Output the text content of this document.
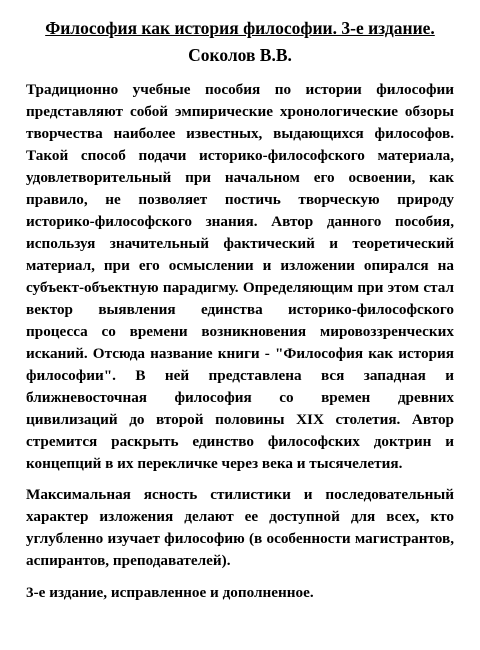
Философия как история философии. 3-е издание.
Соколов В.В.

Традиционно учебные пособия по истории философии представляют собой эмпирические хронологические обзоры творчества наиболее известных, выдающихся философов. Такой способ подачи историко-философского материала, удовлетворительный при начальном его освоении, как правило, не позволяет постичь творческую природу историко-философского знания. Автор данного пособия, используя значительный фактический и теоретический материал, при его осмыслении и изложении опирался на субъект-объектную парадигму. Определяющим при этом стал вектор выявления единства историко-философского процесса со времени возникновения мировоззренческих исканий. Отсюда название книги - "Философия как история философии". В ней представлена вся западная и ближневосточная философия со времен древних цивилизаций до второй половины XIX столетия. Автор стремится раскрыть единство философских доктрин и концепций в их перекличке через века и тысячелетия.

Максимальная ясность стилистики и последовательный характер изложения делают ее доступной для всех, кто углубленно изучает философию (в особенности магистрантов, аспирантов, преподавателей).

3-е издание, исправленное и дополненное.
